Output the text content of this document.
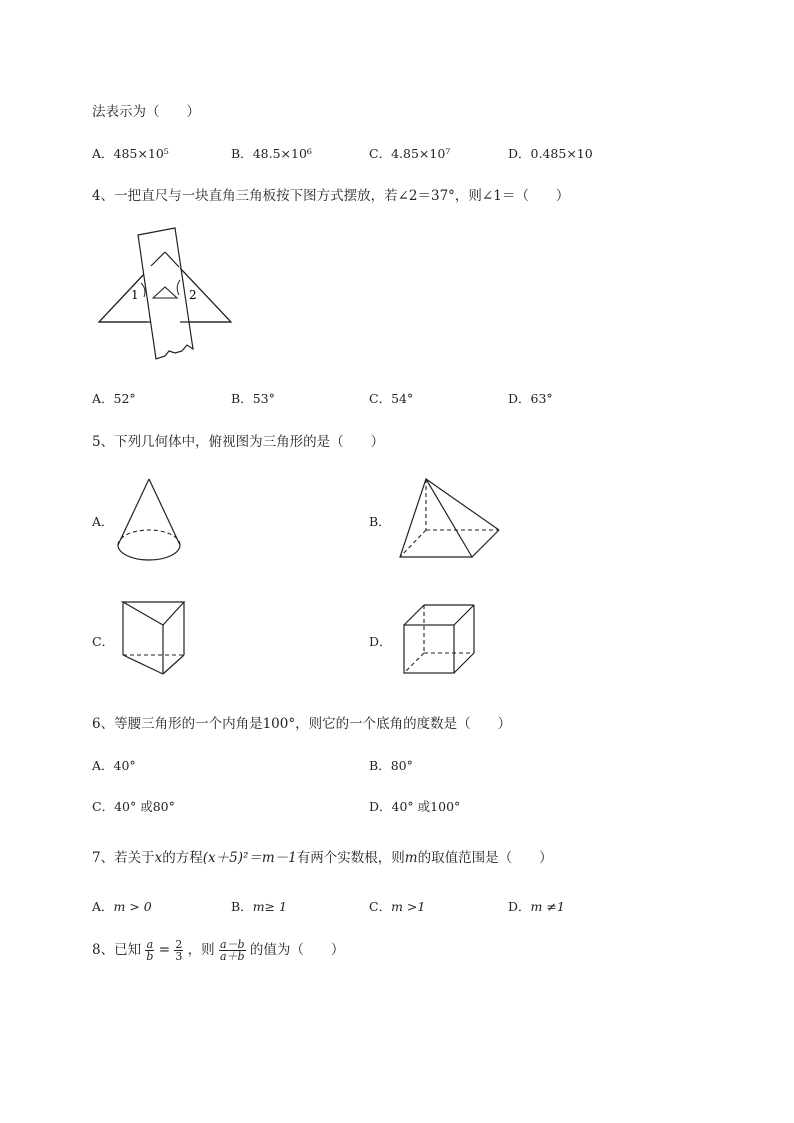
法表示为（　　）
A．485×10⁵	B．48.5×10⁶	C．4.85×10⁷	D．0.485×10
4、一把直尺与一块直角三角板按下图方式摆放，若∠2＝37°，则∠1＝（　　）
1	2
A．52°	B．53°	C．54°	D．63°
5、下列几何体中，俯视图为三角形的是（　　）
A．	B．
C．	D．
6、等腰三角形的一个内角是100°，则它的一个底角的度数是（　　）
A．40°	B．80°
C．40° 或80°	D．40° 或100°
7、若关于x的方程(x＋5)²＝m－1有两个实数根，则m的取值范围是（　　）
A．m > 0	B．m≥ 1	C．m >1	D．m ≠1
8、已知 $\frac{a}{b} = \frac{2}{3}$ ，则 $\frac{a-b}{a+b}$ 的值为（　　）
